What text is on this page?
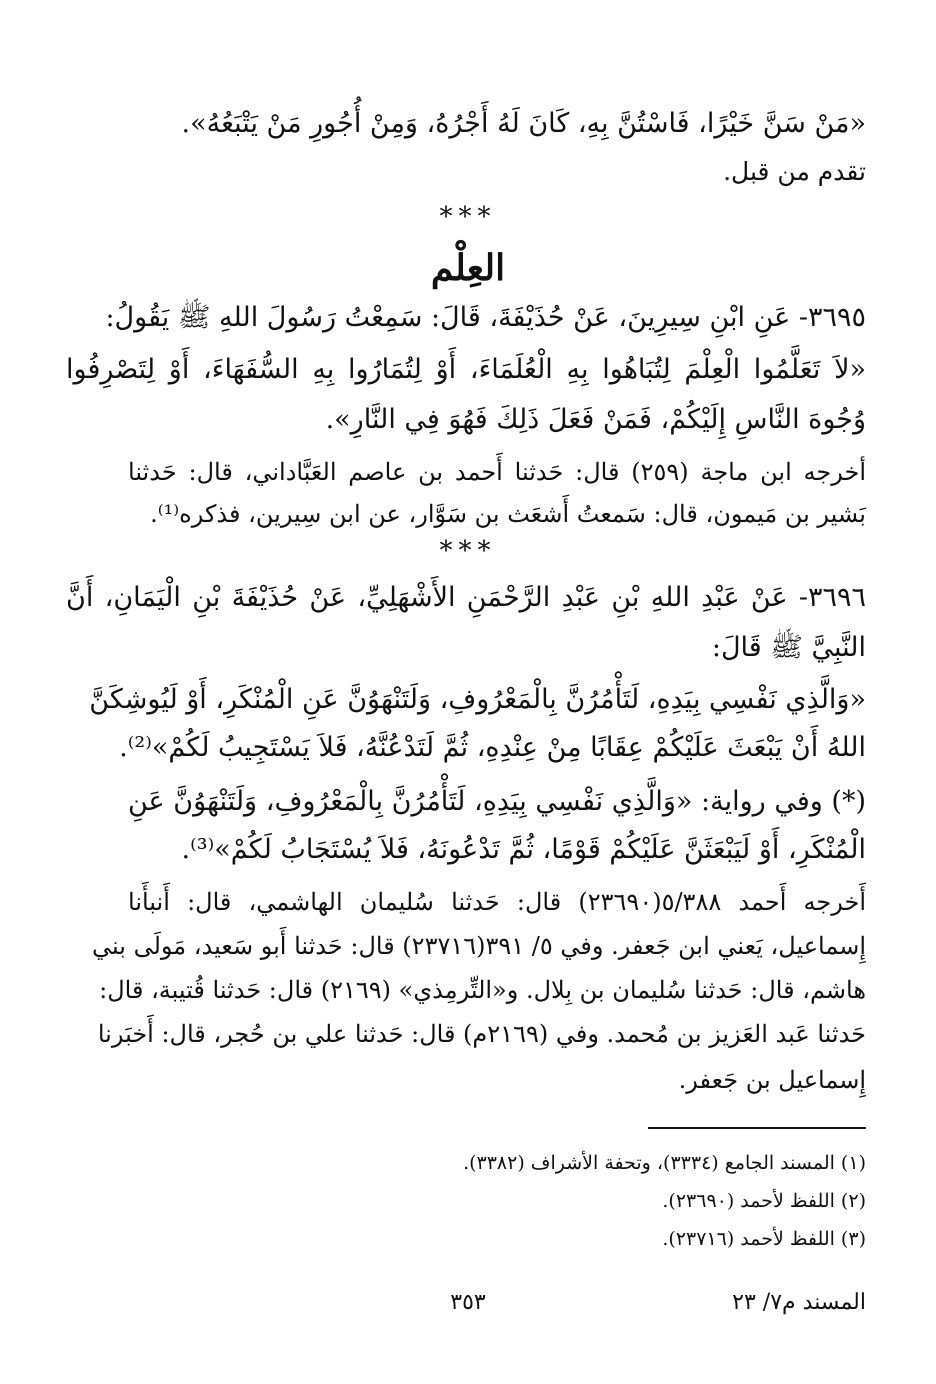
«مَنْ سَنَّ خَيْرًا، فَاسْتُنَّ بِهِ، كَانَ لَهُ أَجْرُهُ، وَمِنْ أُجُورِ مَنْ يَتْبَعُهُ».
تقدم من قبل.
***
العِلْم
٣٦٩٥- عَنِ ابْنِ سِيرِينَ، عَنْ حُذَيْفَةَ، قَالَ: سَمِعْتُ رَسُولَ اللهِ ﷺ يَقُولُ:
«لاَ تَعَلَّمُوا الْعِلْمَ لِتُبَاهُوا بِهِ الْعُلَمَاءَ، أَوْ لِتُمَارُوا بِهِ السُّفَهَاءَ، أَوْ لِتَصْرِفُوا
وُجُوهَ النَّاسِ إِلَيْكُمْ، فَمَنْ فَعَلَ ذَلِكَ فَهُوَ فِي النَّارِ».
أخرجه ابن ماجة (٢٥٩) قال: حَدثنا أَحمد بن عاصم العَبَّاداني، قال: حَدثنا
بَشير بن مَيمون، قال: سَمعتُ أَشعَث بن سَوَّار، عن ابن سِيرين، فذكره⁽¹⁾.
***
٣٦٩٦- عَنْ عَبْدِ اللهِ بْنِ عَبْدِ الرَّحْمَنِ الأَشْهَلِيِّ، عَنْ حُذَيْفَةَ بْنِ الْيَمَانِ، أَنَّ
النَّبِيَّ ﷺ قَالَ:
«وَالَّذِي نَفْسِي بِيَدِهِ، لَتَأْمُرُنَّ بِالْمَعْرُوفِ، وَلَتَنْهَوُنَّ عَنِ الْمُنْكَرِ، أَوْ لَيُوشِكَنَّ
اللهُ أَنْ يَبْعَثَ عَلَيْكُمْ عِقَابًا مِنْ عِنْدِهِ، ثُمَّ لَتَدْعُنَّهُ، فَلاَ يَسْتَجِيبُ لَكُمْ»⁽²⁾.
(*) وفي رواية: «وَالَّذِي نَفْسِي بِيَدِهِ، لَتَأْمُرُنَّ بِالْمَعْرُوفِ، وَلَتَنْهَوُنَّ عَنِ
الْمُنْكَرِ، أَوْ لَيَبْعَثَنَّ عَلَيْكُمْ قَوْمًا، ثُمَّ تَدْعُونَهُ، فَلاَ يُسْتَجَابُ لَكُمْ»⁽³⁾.
أَخرجه أَحمد ٥/٣٨٨(٢٣٦٩٠) قال: حَدثنا سُليمان الهاشمي، قال: أَنبأَنا
إِسماعيل، يَعني ابن جَعفر. وفي ٥/ ٣٩١(٢٣٧١٦) قال: حَدثنا أَبو سَعيد، مَولَى بني
هاشم، قال: حَدثنا سُليمان بن بِلال. و«التِّرمِذي» (٢١٦٩) قال: حَدثنا قُتيبة، قال:
حَدثنا عَبد العَزيز بن مُحمد. وفي (٢١٦٩م) قال: حَدثنا علي بن حُجر، قال: أَخبَرنا
إِسماعيل بن جَعفر.
(١) المسند الجامع (٣٣٣٤)، وتحفة الأشراف (٣٣٨٢).
(٢) اللفظ لأحمد (٢٣٦٩٠).
(٣) اللفظ لأحمد (٢٣٧١٦).
المسند م٧/ ٢٣
٣٥٣
